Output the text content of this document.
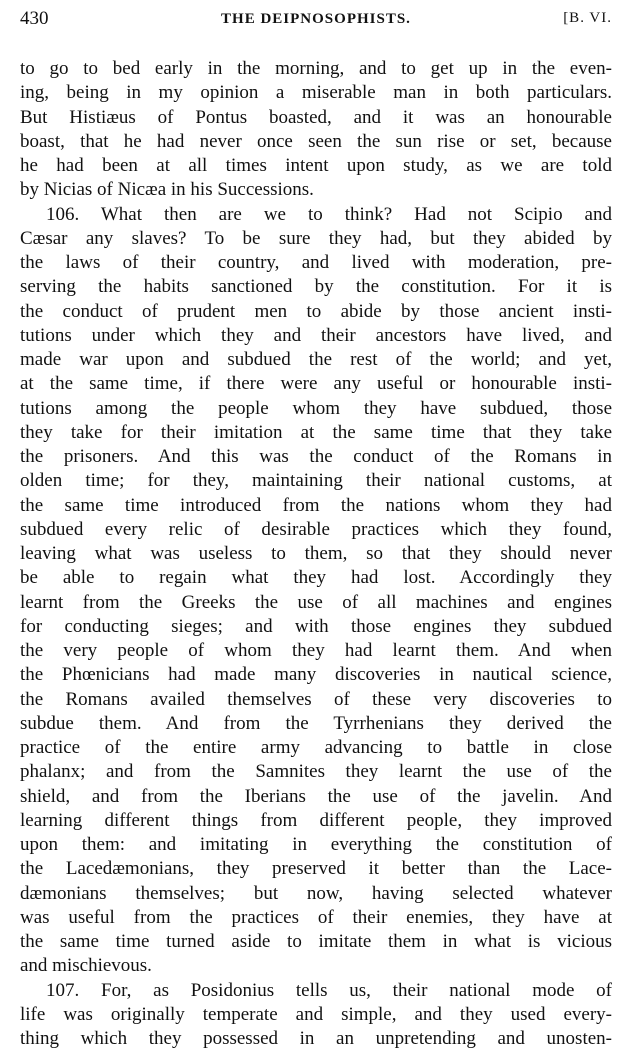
430	THE DEIPNOSOPHISTS.	[B. VI.
to go to bed early in the morning, and to get up in the even-
ing, being in my opinion a miserable man in both particulars.
But Histiæus of Pontus boasted, and it was an honourable
boast, that he had never once seen the sun rise or set, because
he had been at all times intent upon study, as we are told
by Nicias of Nicæa in his Successions.
106. What then are we to think? Had not Scipio and
Cæsar any slaves? To be sure they had, but they abided by
the laws of their country, and lived with moderation, pre-
serving the habits sanctioned by the constitution. For it is
the conduct of prudent men to abide by those ancient insti-
tutions under which they and their ancestors have lived, and
made war upon and subdued the rest of the world; and yet,
at the same time, if there were any useful or honourable insti-
tutions among the people whom they have subdued, those
they take for their imitation at the same time that they take
the prisoners. And this was the conduct of the Romans in
olden time; for they, maintaining their national customs, at
the same time introduced from the nations whom they had
subdued every relic of desirable practices which they found,
leaving what was useless to them, so that they should never
be able to regain what they had lost. Accordingly they
learnt from the Greeks the use of all machines and engines
for conducting sieges; and with those engines they subdued
the very people of whom they had learnt them. And when
the Phœnicians had made many discoveries in nautical science,
the Romans availed themselves of these very discoveries to
subdue them. And from the Tyrrhenians they derived the
practice of the entire army advancing to battle in close
phalanx; and from the Samnites they learnt the use of the
shield, and from the Iberians the use of the javelin. And
learning different things from different people, they improved
upon them: and imitating in everything the constitution of
the Lacedæmonians, they preserved it better than the Lace-
dæmonians themselves; but now, having selected whatever
was useful from the practices of their enemies, they have at
the same time turned aside to imitate them in what is vicious
and mischievous.
107. For, as Posidonius tells us, their national mode of
life was originally temperate and simple, and they used every-
thing which they possessed in an unpretending and unosten-
